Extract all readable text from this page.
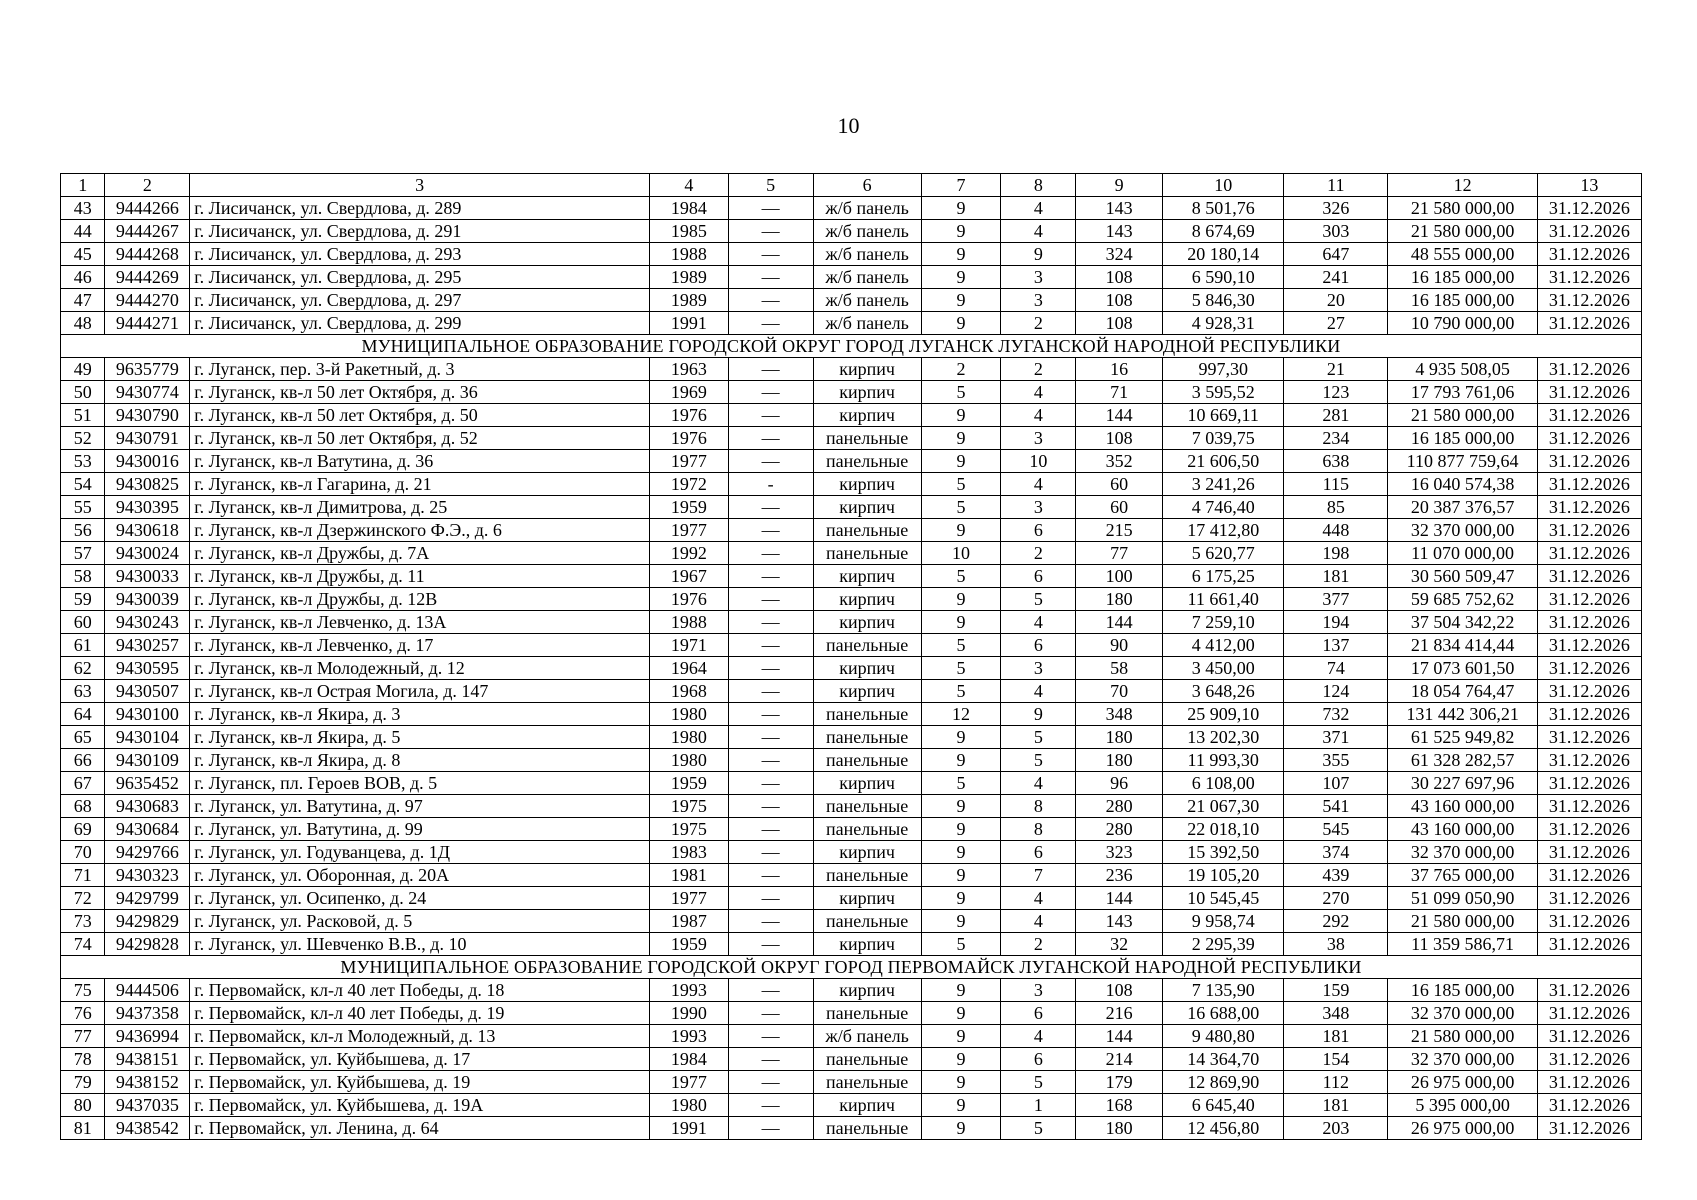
10
1	2	3	4	5	6	7	8	9	10	11	12	13
43	9444266	г. Лисичанск, ул. Свердлова, д. 289	1984	—	ж/б панель	9	4	143	8 501,76	326	21 580 000,00	31.12.2026
44	9444267	г. Лисичанск, ул. Свердлова, д. 291	1985	—	ж/б панель	9	4	143	8 674,69	303	21 580 000,00	31.12.2026
45	9444268	г. Лисичанск, ул. Свердлова, д. 293	1988	—	ж/б панель	9	9	324	20 180,14	647	48 555 000,00	31.12.2026
46	9444269	г. Лисичанск, ул. Свердлова, д. 295	1989	—	ж/б панель	9	3	108	6 590,10	241	16 185 000,00	31.12.2026
47	9444270	г. Лисичанск, ул. Свердлова, д. 297	1989	—	ж/б панель	9	3	108	5 846,30	20	16 185 000,00	31.12.2026
48	9444271	г. Лисичанск, ул. Свердлова, д. 299	1991	—	ж/б панель	9	2	108	4 928,31	27	10 790 000,00	31.12.2026
МУНИЦИПАЛЬНОЕ ОБРАЗОВАНИЕ ГОРОДСКОЙ ОКРУГ ГОРОД ЛУГАНСК ЛУГАНСКОЙ НАРОДНОЙ РЕСПУБЛИКИ												
49	9635779	г. Луганск, пер. 3-й Ракетный, д. 3	1963	—	кирпич	2	2	16	997,30	21	4 935 508,05	31.12.2026
50	9430774	г. Луганск, кв-л 50 лет Октября, д. 36	1969	—	кирпич	5	4	71	3 595,52	123	17 793 761,06	31.12.2026
51	9430790	г. Луганск, кв-л 50 лет Октября, д. 50	1976	—	кирпич	9	4	144	10 669,11	281	21 580 000,00	31.12.2026
52	9430791	г. Луганск, кв-л 50 лет Октября, д. 52	1976	—	панельные	9	3	108	7 039,75	234	16 185 000,00	31.12.2026
53	9430016	г. Луганск, кв-л Ватутина, д. 36	1977	—	панельные	9	10	352	21 606,50	638	110 877 759,64	31.12.2026
54	9430825	г. Луганск, кв-л Гагарина, д. 21	1972	-	кирпич	5	4	60	3 241,26	115	16 040 574,38	31.12.2026
55	9430395	г. Луганск, кв-л Димитрова, д. 25	1959	—	кирпич	5	3	60	4 746,40	85	20 387 376,57	31.12.2026
56	9430618	г. Луганск, кв-л Дзержинского Ф.Э., д. 6	1977	—	панельные	9	6	215	17 412,80	448	32 370 000,00	31.12.2026
57	9430024	г. Луганск, кв-л Дружбы, д. 7А	1992	—	панельные	10	2	77	5 620,77	198	11 070 000,00	31.12.2026
58	9430033	г. Луганск, кв-л Дружбы, д. 11	1967	—	кирпич	5	6	100	6 175,25	181	30 560 509,47	31.12.2026
59	9430039	г. Луганск, кв-л Дружбы, д. 12В	1976	—	кирпич	9	5	180	11 661,40	377	59 685 752,62	31.12.2026
60	9430243	г. Луганск, кв-л Левченко, д. 13А	1988	—	кирпич	9	4	144	7 259,10	194	37 504 342,22	31.12.2026
61	9430257	г. Луганск, кв-л Левченко, д. 17	1971	—	панельные	5	6	90	4 412,00	137	21 834 414,44	31.12.2026
62	9430595	г. Луганск, кв-л Молодежный, д. 12	1964	—	кирпич	5	3	58	3 450,00	74	17 073 601,50	31.12.2026
63	9430507	г. Луганск, кв-л Острая Могила, д. 147	1968	—	кирпич	5	4	70	3 648,26	124	18 054 764,47	31.12.2026
64	9430100	г. Луганск, кв-л Якира, д. 3	1980	—	панельные	12	9	348	25 909,10	732	131 442 306,21	31.12.2026
65	9430104	г. Луганск, кв-л Якира, д. 5	1980	—	панельные	9	5	180	13 202,30	371	61 525 949,82	31.12.2026
66	9430109	г. Луганск, кв-л Якира, д. 8	1980	—	панельные	9	5	180	11 993,30	355	61 328 282,57	31.12.2026
67	9635452	г. Луганск, пл. Героев ВОВ, д. 5	1959	—	кирпич	5	4	96	6 108,00	107	30 227 697,96	31.12.2026
68	9430683	г. Луганск, ул. Ватутина, д. 97	1975	—	панельные	9	8	280	21 067,30	541	43 160 000,00	31.12.2026
69	9430684	г. Луганск, ул. Ватутина, д. 99	1975	—	панельные	9	8	280	22 018,10	545	43 160 000,00	31.12.2026
70	9429766	г. Луганск, ул. Годуванцева, д. 1Д	1983	—	кирпич	9	6	323	15 392,50	374	32 370 000,00	31.12.2026
71	9430323	г. Луганск, ул. Оборонная, д. 20А	1981	—	панельные	9	7	236	19 105,20	439	37 765 000,00	31.12.2026
72	9429799	г. Луганск, ул. Осипенко, д. 24	1977	—	кирпич	9	4	144	10 545,45	270	51 099 050,90	31.12.2026
73	9429829	г. Луганск, ул. Расковой, д. 5	1987	—	панельные	9	4	143	9 958,74	292	21 580 000,00	31.12.2026
74	9429828	г. Луганск, ул. Шевченко В.В., д. 10	1959	—	кирпич	5	2	32	2 295,39	38	11 359 586,71	31.12.2026
МУНИЦИПАЛЬНОЕ ОБРАЗОВАНИЕ ГОРОДСКОЙ ОКРУГ ГОРОД ПЕРВОМАЙСК ЛУГАНСКОЙ НАРОДНОЙ РЕСПУБЛИКИ												
75	9444506	г. Первомайск, кл-л 40 лет Победы, д. 18	1993	—	кирпич	9	3	108	7 135,90	159	16 185 000,00	31.12.2026
76	9437358	г. Первомайск, кл-л 40 лет Победы, д. 19	1990	—	панельные	9	6	216	16 688,00	348	32 370 000,00	31.12.2026
77	9436994	г. Первомайск, кл-л Молодежный, д. 13	1993	—	ж/б панель	9	4	144	9 480,80	181	21 580 000,00	31.12.2026
78	9438151	г. Первомайск, ул. Куйбышева, д. 17	1984	—	панельные	9	6	214	14 364,70	154	32 370 000,00	31.12.2026
79	9438152	г. Первомайск, ул. Куйбышева, д. 19	1977	—	панельные	9	5	179	12 869,90	112	26 975 000,00	31.12.2026
80	9437035	г. Первомайск, ул. Куйбышева, д. 19А	1980	—	кирпич	9	1	168	6 645,40	181	5 395 000,00	31.12.2026
81	9438542	г. Первомайск, ул. Ленина, д. 64	1991	—	панельные	9	5	180	12 456,80	203	26 975 000,00	31.12.2026
